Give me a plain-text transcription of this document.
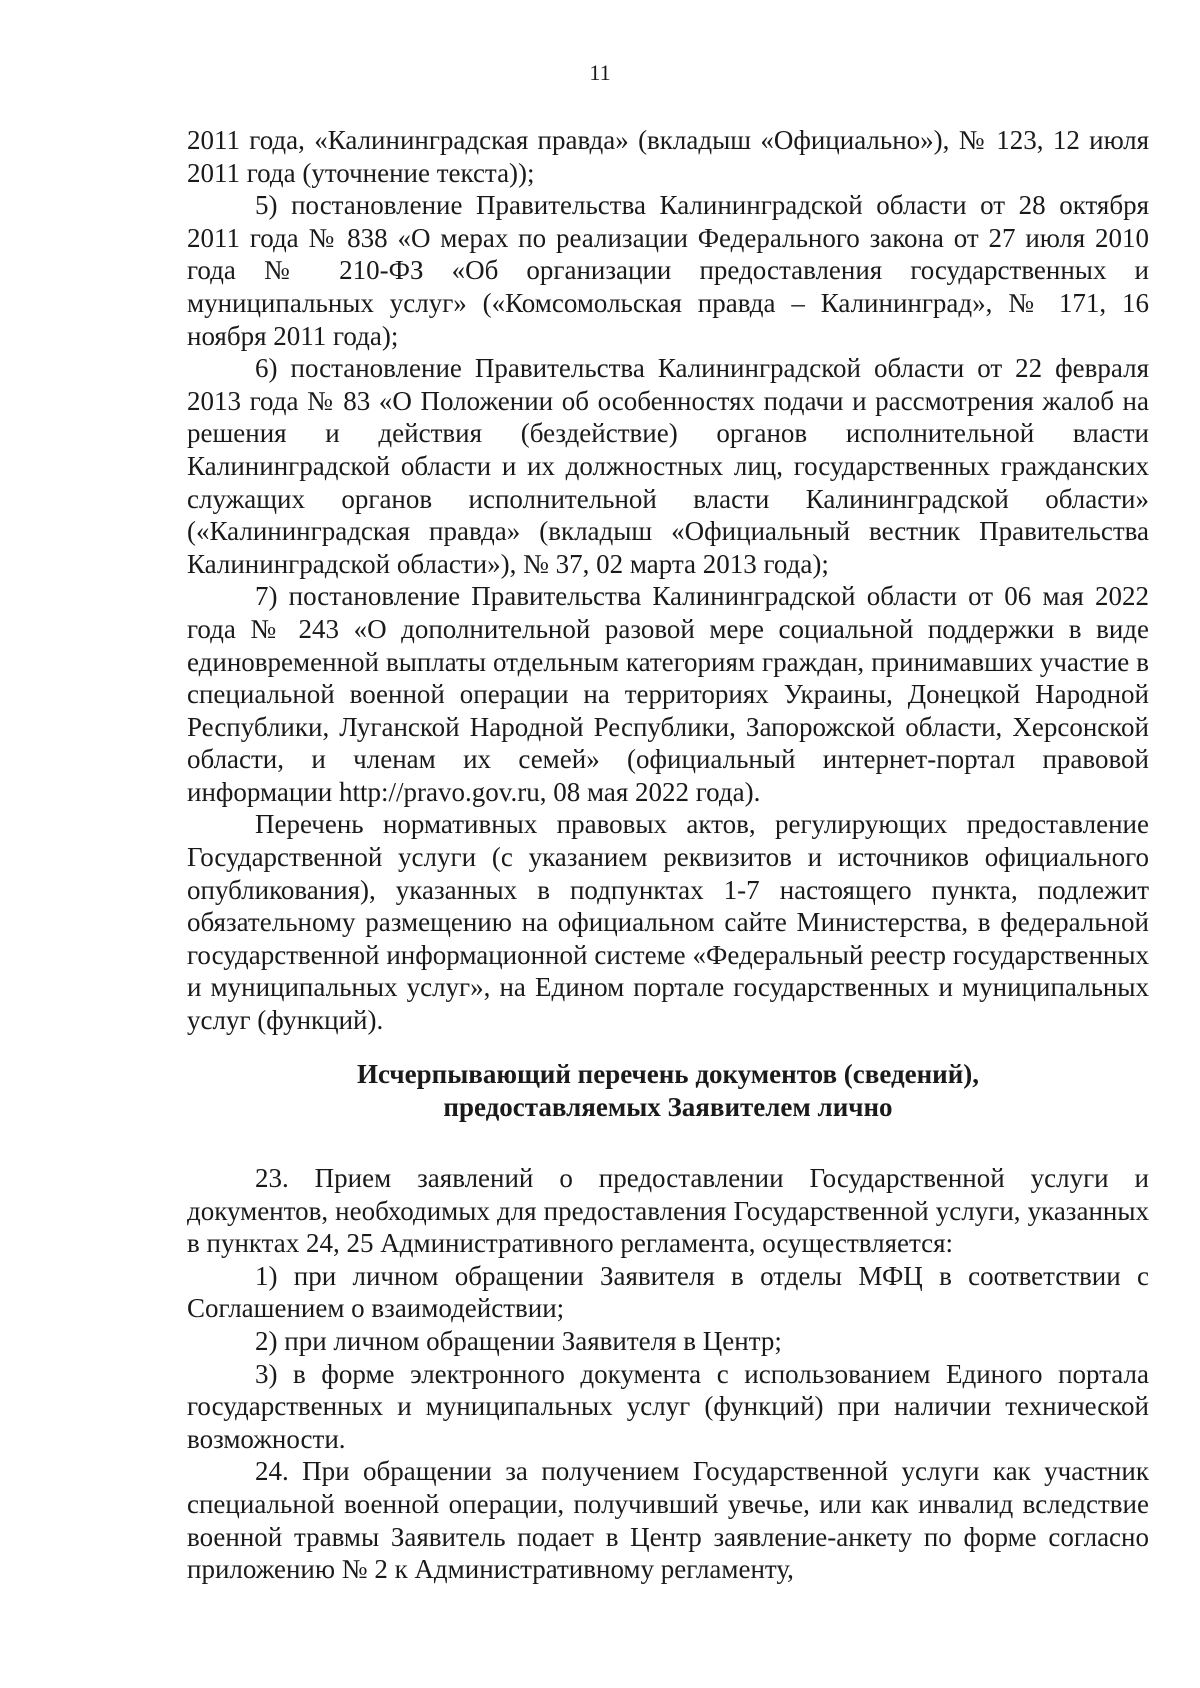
11

2011 года, «Калининградская правда» (вкладыш «Официально»), № 123, 12 июля 2011 года (уточнение текста));

5) постановление Правительства Калининградской области от 28 октября 2011 года № 838 «О мерах по реализации Федерального закона от 27 июля 2010 года № 210-ФЗ «Об организации предоставления государственных и муниципальных услуг» («Комсомольская правда – Калининград», № 171, 16 ноября 2011 года);

6) постановление Правительства Калининградской области от 22 февраля 2013 года № 83 «О Положении об особенностях подачи и рассмотрения жалоб на решения и действия (бездействие) органов исполнительной власти Калининградской области и их должностных лиц, государственных гражданских служащих органов исполнительной власти Калининградской области» («Калининградская правда» (вкладыш «Официальный вестник Правительства Калининградской области»), № 37, 02 марта 2013 года);

7) постановление Правительства Калининградской области от 06 мая 2022 года № 243 «О дополнительной разовой мере социальной поддержки в виде единовременной выплаты отдельным категориям граждан, принимавших участие в специальной военной операции на территориях Украины, Донецкой Народной Республики, Луганской Народной Республики, Запорожской области, Херсонской области, и членам их семей» (официальный интернет-портал правовой информации http://pravo.gov.ru, 08 мая 2022 года).

Перечень нормативных правовых актов, регулирующих предоставление Государственной услуги (с указанием реквизитов и источников официального опубликования), указанных в подпунктах 1-7 настоящего пункта, подлежит обязательному размещению на официальном сайте Министерства, в федеральной государственной информационной системе «Федеральный реестр государственных и муниципальных услуг», на Едином портале государственных и муниципальных услуг (функций).

Исчерпывающий перечень документов (сведений),
предоставляемых Заявителем лично

23. Прием заявлений о предоставлении Государственной услуги и документов, необходимых для предоставления Государственной услуги, указанных в пунктах 24, 25 Административного регламента, осуществляется:

1) при личном обращении Заявителя в отделы МФЦ в соответствии с Соглашением о взаимодействии;

2) при личном обращении Заявителя в Центр;

3) в форме электронного документа с использованием Единого портала государственных и муниципальных услуг (функций) при наличии технической возможности.

24. При обращении за получением Государственной услуги как участник специальной военной операции, получивший увечье, или как инвалид вследствие военной травмы Заявитель подает в Центр заявление-анкету по форме согласно приложению № 2 к Административному регламенту,
